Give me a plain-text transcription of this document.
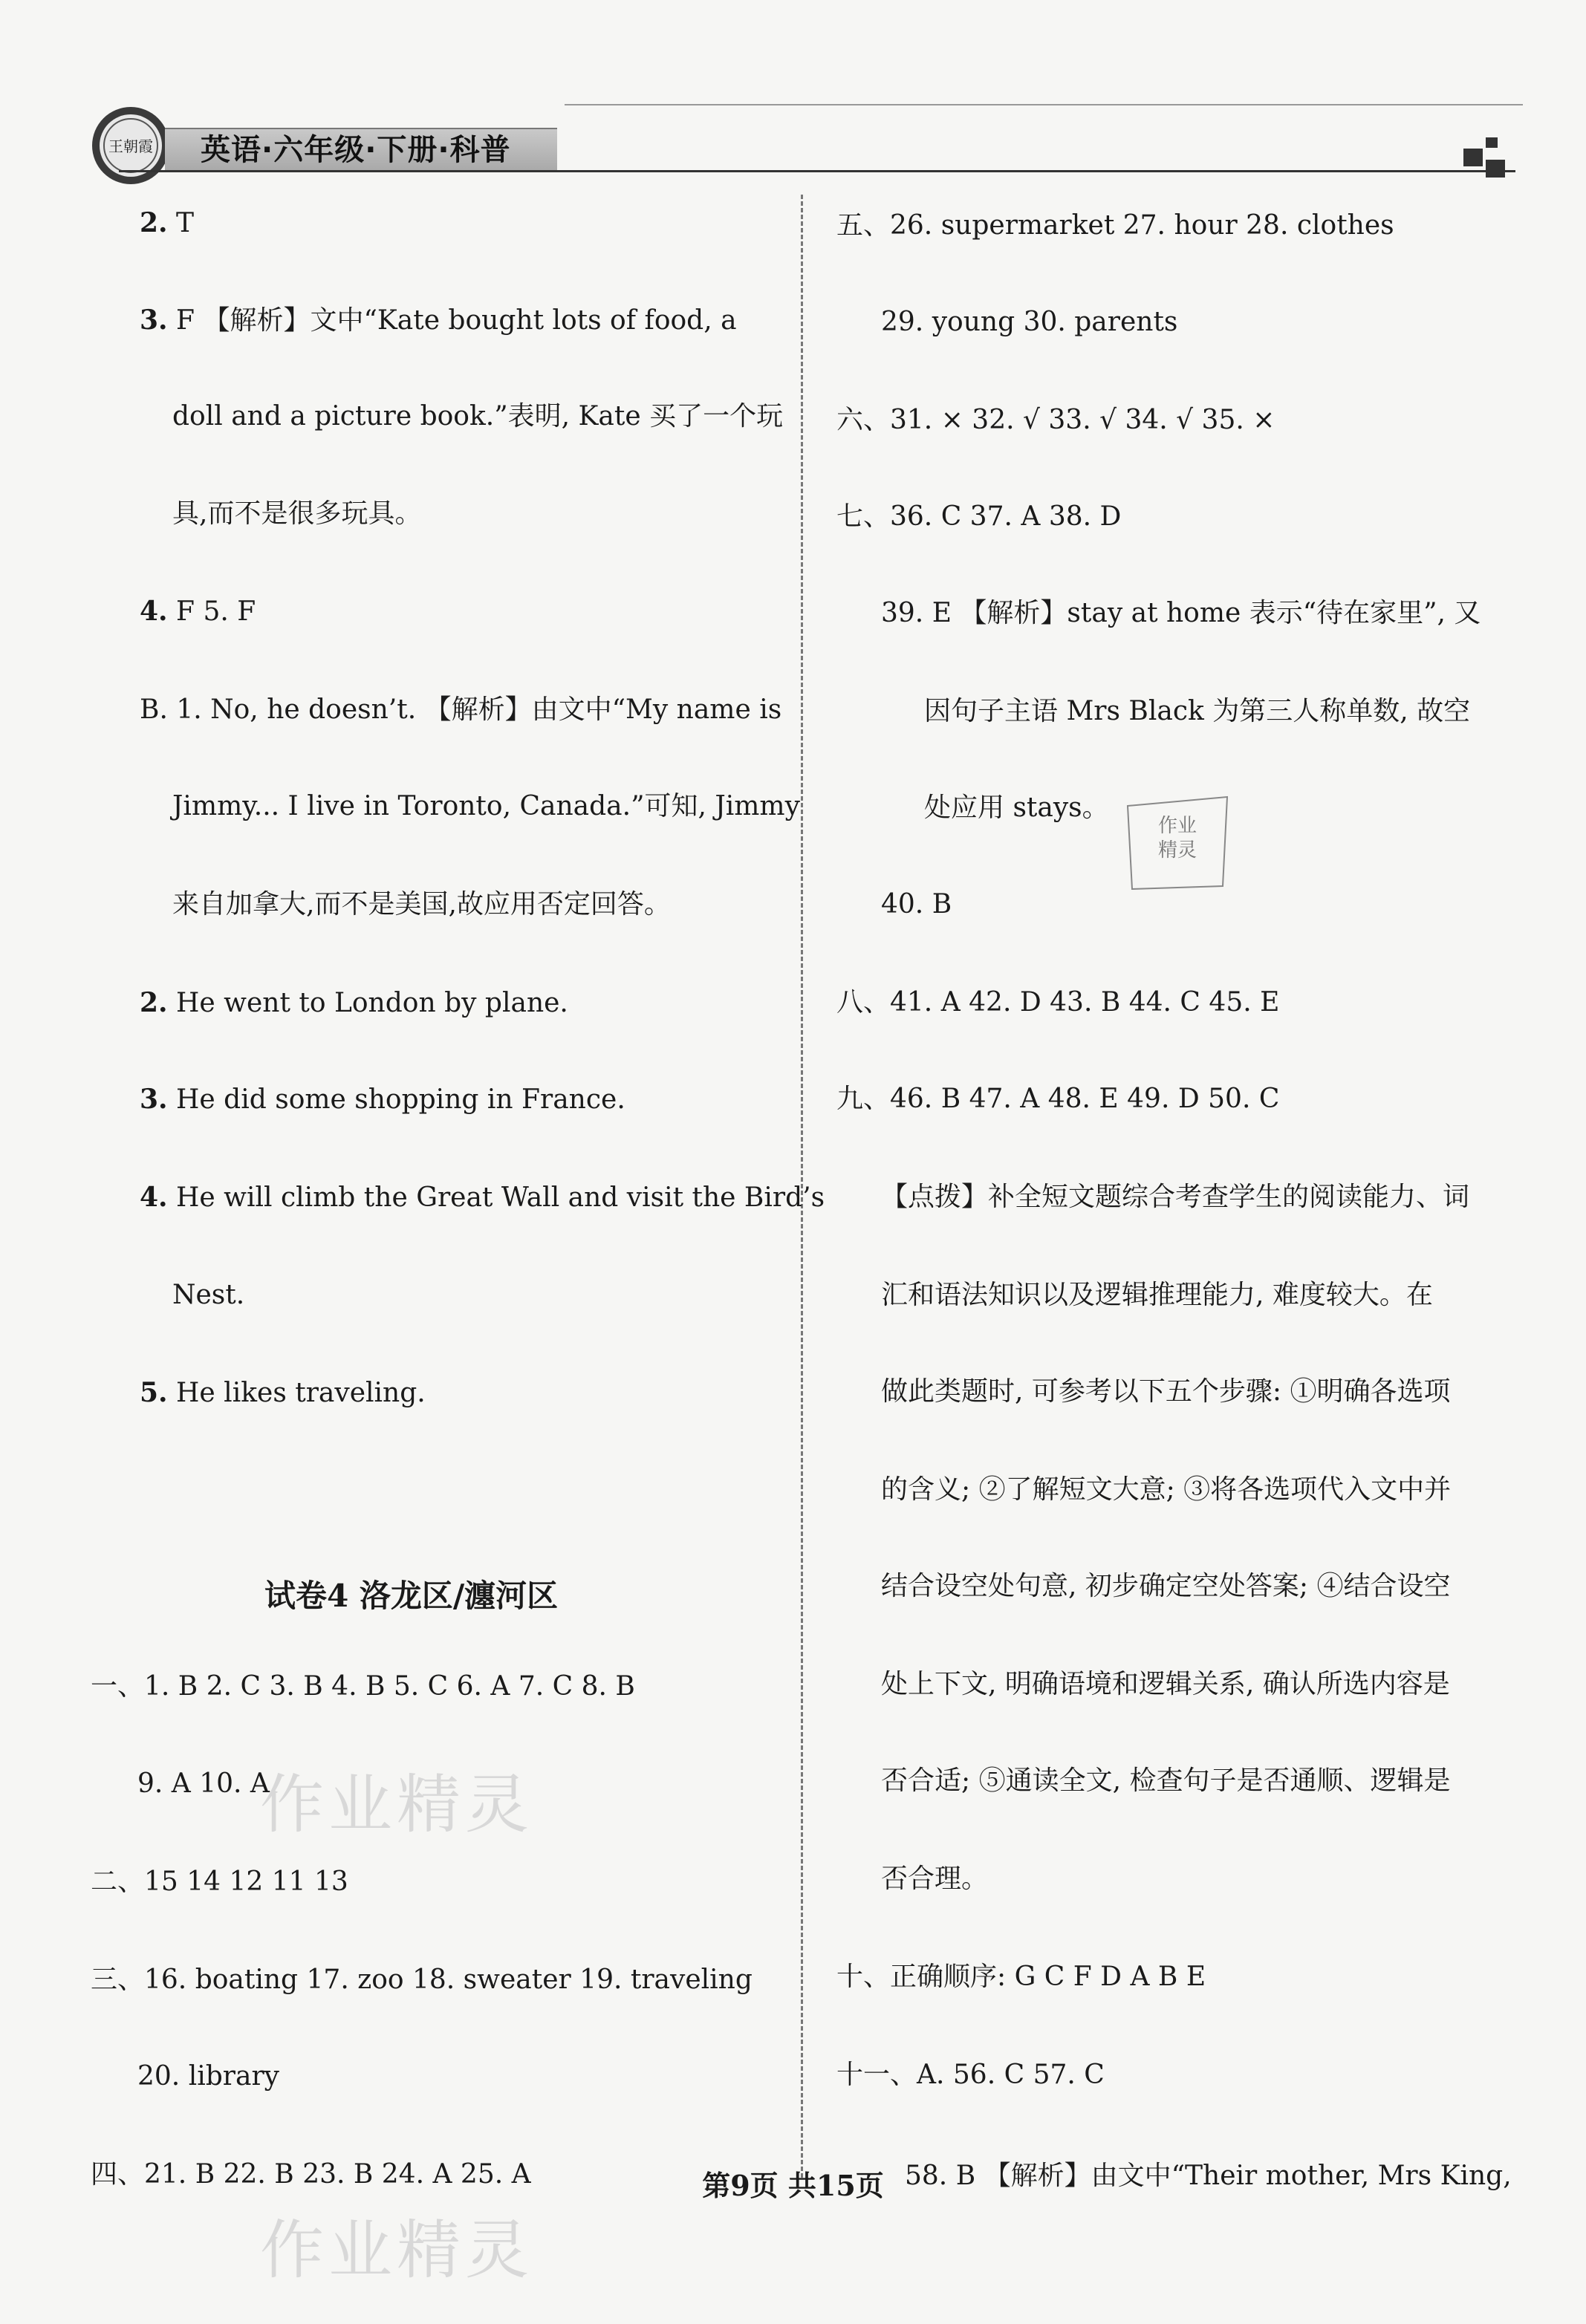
王朝霞 英语·六年级·下册·科普
2. T
3. F 【解析】文中“Kate bought lots of food, a
doll and a picture book.”表明, Kate 买了一个玩
具,而不是很多玩具。
4. F 5. F
B. 1. No, he doesn’t. 【解析】由文中“My name is
Jimmy... I live in Toronto, Canada.”可知, Jimmy
来自加拿大,而不是美国,故应用否定回答。
2. He went to London by plane.
3. He did some shopping in France.
4. He will climb the Great Wall and visit the Bird’s
Nest.
5. He likes traveling.
试卷4 洛龙区/瀍河区
一、1. B 2. C 3. B 4. B 5. C 6. A 7. C 8. B
9. A 10. A
二、15 14 12 11 13
三、16. boating 17. zoo 18. sweater 19. traveling
20. library
四、21. B 22. B 23. B 24. A 25. A
五、26. supermarket 27. hour 28. clothes
29. young 30. parents
六、31. × 32. √ 33. √ 34. √ 35. ×
七、36. C 37. A 38. D
39. E 【解析】stay at home 表示“待在家里”, 又
因句子主语 Mrs Black 为第三人称单数, 故空
处应用 stays。
40. B
八、41. A 42. D 43. B 44. C 45. E
九、46. B 47. A 48. E 49. D 50. C
【点拨】补全短文题综合考查学生的阅读能力、词
汇和语法知识以及逻辑推理能力, 难度较大。在
做此类题时, 可参考以下五个步骤: ①明确各选项
的含义; ②了解短文大意; ③将各选项代入文中并
结合设空处句意, 初步确定空处答案; ④结合设空
处上下文, 明确语境和逻辑关系, 确认所选内容是
否合适; ⑤通读全文, 检查句子是否通顺、逻辑是
否合理。
十、正确顺序: G C F D A B E
十一、A. 56. C 57. C
58. B 【解析】由文中“Their mother, Mrs King,
作业
精灵
作业精灵
作业精灵
第9页 共15页
